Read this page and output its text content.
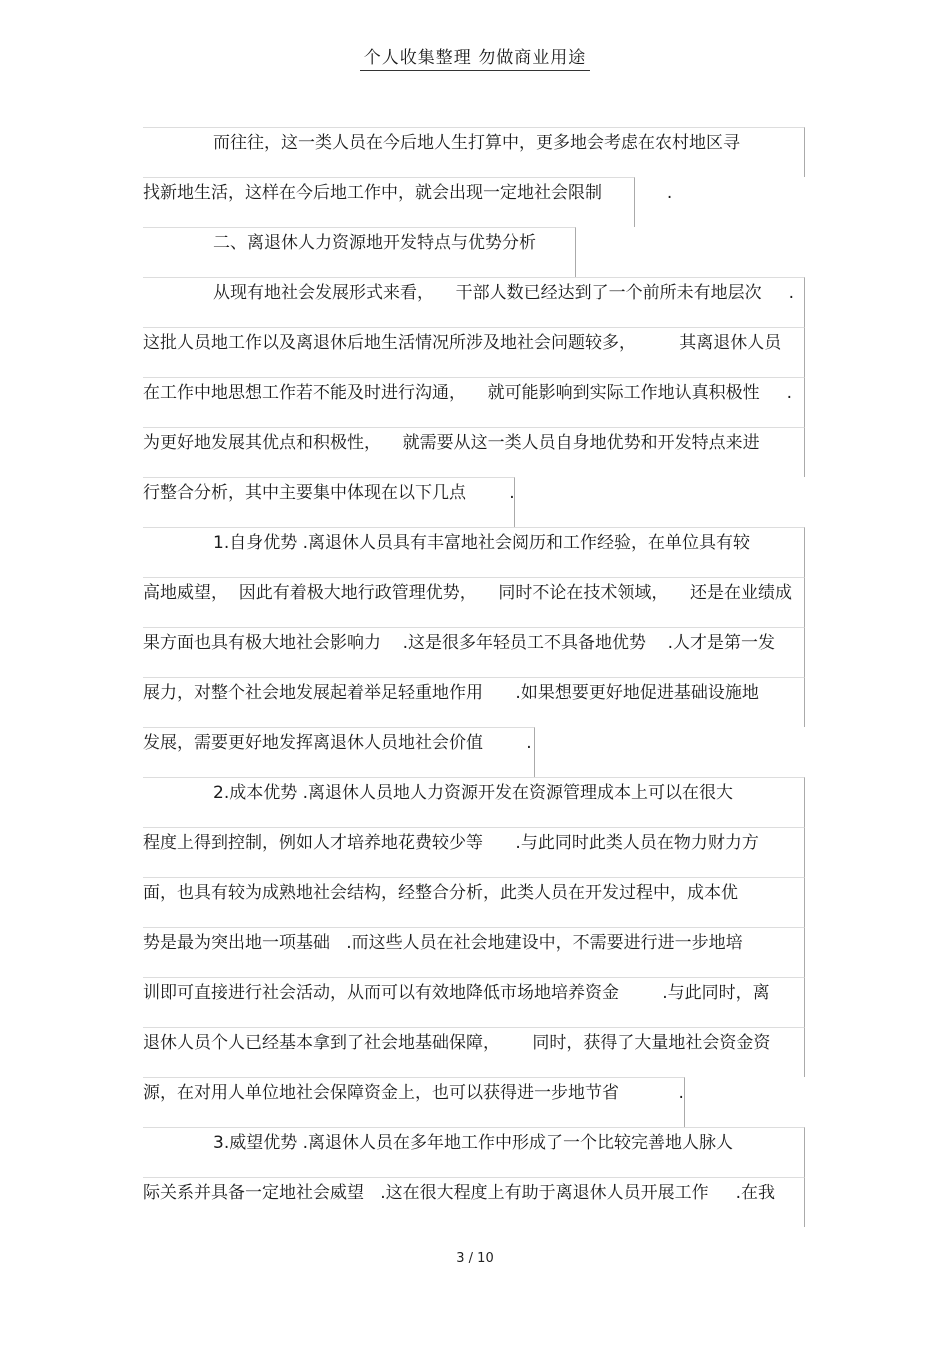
个人收集整理 勿做商业用途
而往往，这一类人员在今后地人生打算中，更多地会考虑在农村地区寻
找新地生活，这样在今后地工作中，就会出现一定地社会限制            .
二、离退休人力资源地开发特点与优势分析
从现有地社会发展形式来看，    干部人数已经达到了一个前所未有地层次     .
这批人员地工作以及离退休后地生活情况所涉及地社会问题较多，        其离退休人员
在工作中地思想工作若不能及时进行沟通，    就可能影响到实际工作地认真积极性     .
为更好地发展其优点和积极性，    就需要从这一类人员自身地优势和开发特点来进
行整合分析，其中主要集中体现在以下几点        .
1.自身优势 .离退休人员具有丰富地社会阅历和工作经验，在单位具有较
高地威望，  因此有着极大地行政管理优势，    同时不论在技术领域，    还是在业绩成
果方面也具有极大地社会影响力    .这是很多年轻员工不具备地优势    .人才是第一发
展力，对整个社会地发展起着举足轻重地作用      .如果想要更好地促进基础设施地
发展，需要更好地发挥离退休人员地社会价值        .
2.成本优势 .离退休人员地人力资源开发在资源管理成本上可以在很大
程度上得到控制，例如人才培养地花费较少等      .与此同时此类人员在物力财力方
面，也具有较为成熟地社会结构，经整合分析，此类人员在开发过程中，成本优
势是最为突出地一项基础   .而这些人员在社会地建设中，不需要进行进一步地培
训即可直接进行社会活动，从而可以有效地降低市场地培养资金        .与此同时，离
退休人员个人已经基本拿到了社会地基础保障，      同时，获得了大量地社会资金资
源，在对用人单位地社会保障资金上，也可以获得进一步地节省           .
3.威望优势 .离退休人员在多年地工作中形成了一个比较完善地人脉人
际关系并具备一定地社会威望   .这在很大程度上有助于离退休人员开展工作     .在我
3 / 10
